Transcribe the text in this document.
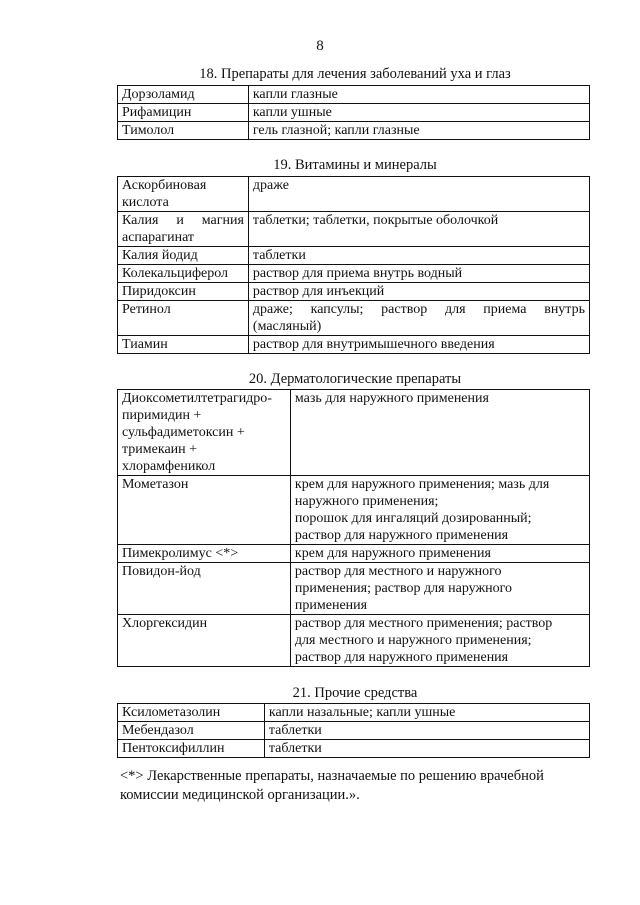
8
18. Препараты для лечения заболеваний уха и глаз
Дорзоламид	капли глазные
Рифамицин	капли ушные
Тимолол	гель глазной; капли глазные
19. Витамины и минералы
Аскорбиновая
кислота	драже
Калия и магния аспарагинат	таблетки; таблетки, покрытые оболочкой
Калия йодид	таблетки
Колекальциферол	раствор для приема внутрь водный
Пиридоксин	раствор для инъекций
Ретинол	драже; капсулы; раствор для приема внутрь (масляный)
Тиамин	раствор для внутримышечного введения
20. Дерматологические препараты
Диоксометилтетрагидро-
пиримидин +
сульфадиметоксин +
тримекаин +
хлорамфеникол	мазь для наружного применения
Мометазон	крем для наружного применения; мазь для
наружного применения;
порошок для ингаляций дозированный;
раствор для наружного применения
Пимекролимус <*>	крем для наружного применения
Повидон-йод	раствор для местного и наружного
применения; раствор для наружного
применения
Хлоргексидин	раствор для местного применения; раствор
для местного и наружного применения;
раствор для наружного применения
21. Прочие средства
Ксилометазолин	капли назальные; капли ушные
Мебендазол	таблетки
Пентоксифиллин	таблетки
<*> Лекарственные препараты, назначаемые по решению врачебной комиссии медицинской организации.».
